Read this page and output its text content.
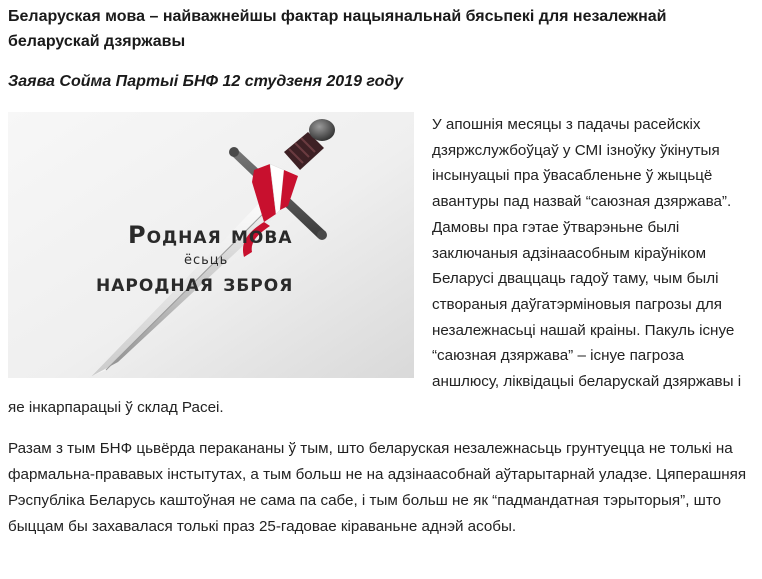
Беларуская мова – найважнейшы фактар нацыянальнай бясьпекі для незалежнай беларускай дзяржавы
Заява Сойма Партыі БНФ 12 студзеня 2019 году
Родная мова
ёсьць
народная зброя

У апошнія месяцы з падачы расейскіх дзяржслужбоўцаў у СМІ ізноўку ўкінутыя інсынуацыі пра ўвасабленьне ў жыцьцё авантуры пад назвай “саюзная дзяржава”. Дамовы пра гэтае ўтварэньне былі заключаныя адзінаасобным кіраўніком Беларусі дваццаць гадоў таму, чым былі створаныя даўгатэрміновыя пагрозы для незалежнасьці нашай краіны. Пакуль існуе “саюзная дзяржава” – існуе пагроза аншлюсу, ліквідацыі беларускай дзяржавы і яе інкарпарацыі ў склад Расеі.

Разам з тым БНФ цьвёрда перакананы ў тым, што беларуская незалежнасьць грунтуецца не толькі на фармальна-прававых інстытутах, а тым больш не на адзінаасобнай аўтарытарнай уладзе. Цяперашняя Рэспубліка Беларусь каштоўная не сама па сабе, і тым больш не як “падмандатная тэрыторыя”, што быццам бы захавалася толькі праз 25-гадовае кіраваньне аднэй асобы.
